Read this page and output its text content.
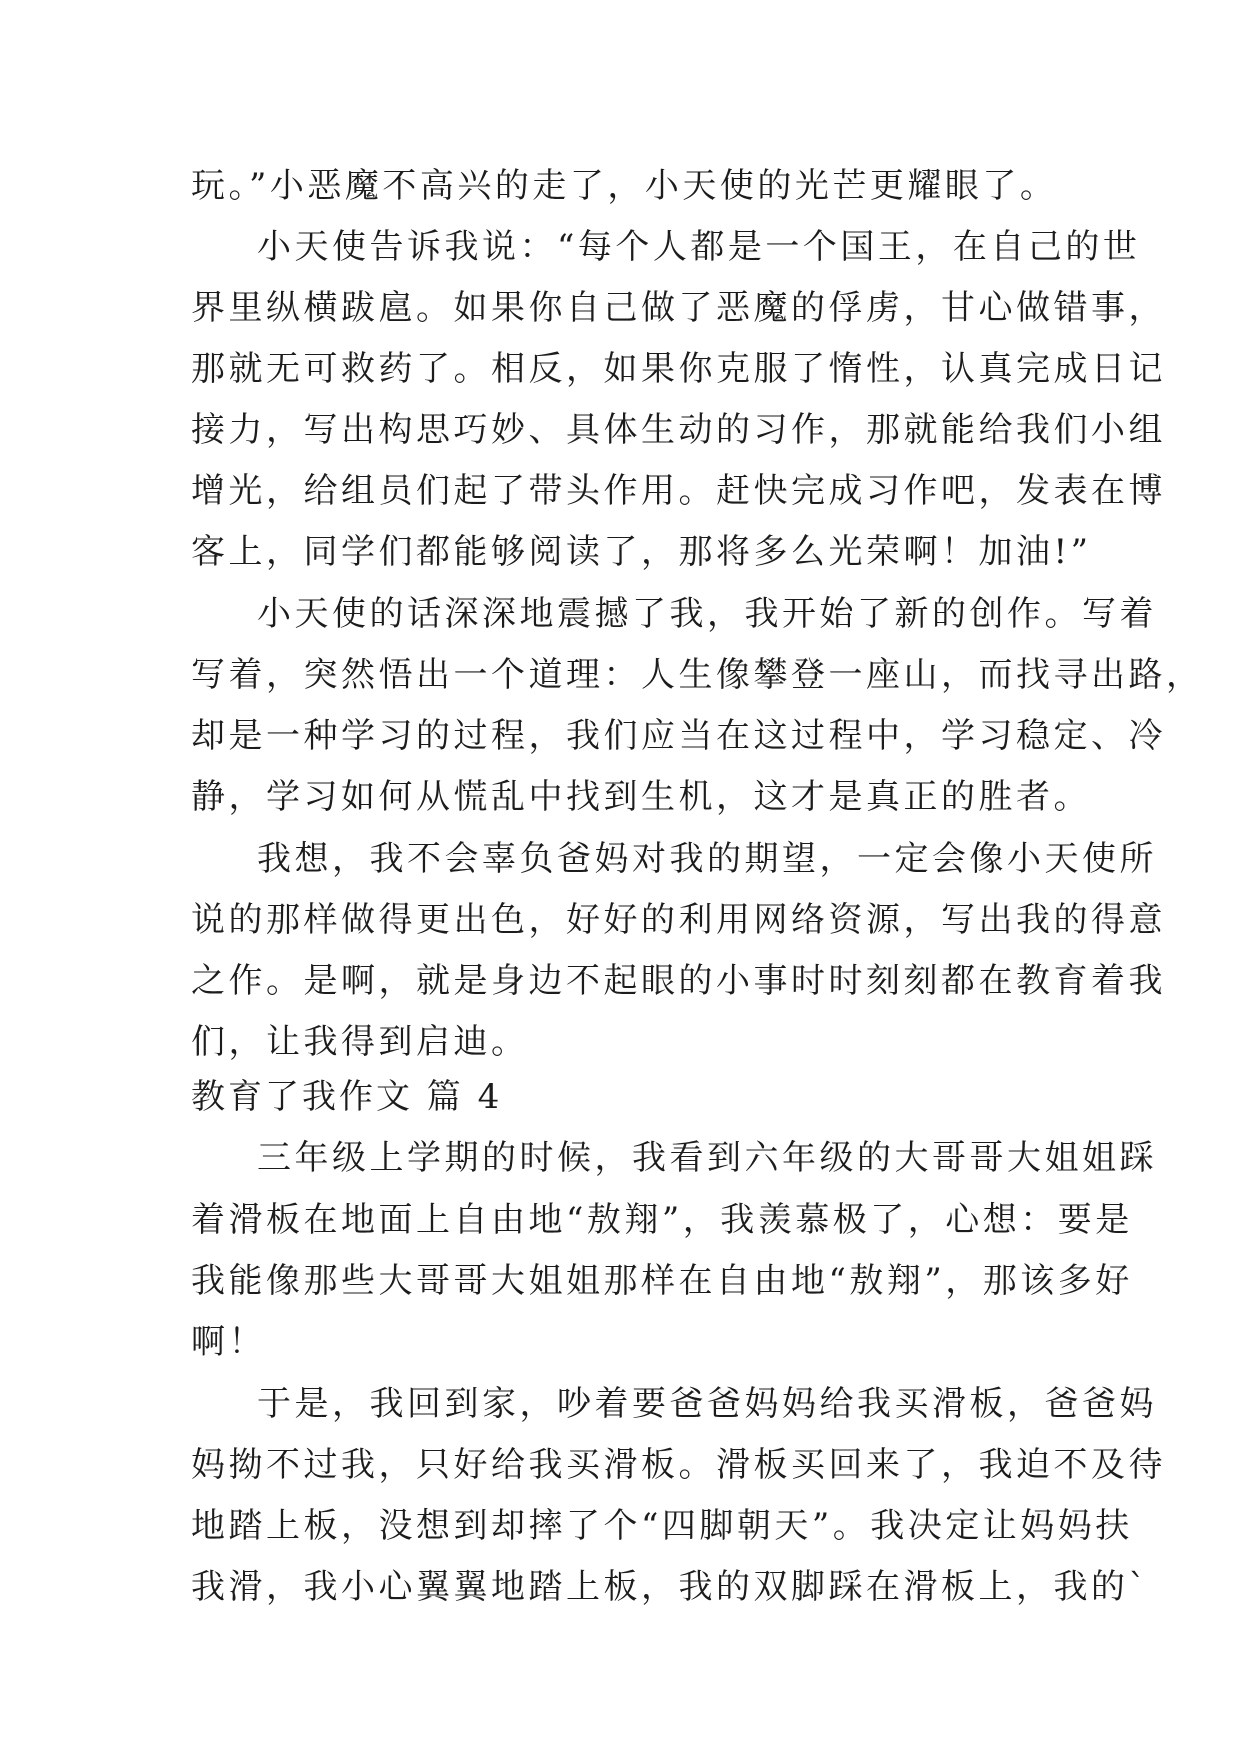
玩。”小恶魔不高兴的走了，小天使的光芒更耀眼了。
小天使告诉我说：“每个人都是一个国王，在自己的世
界里纵横跋扈。如果你自己做了恶魔的俘虏，甘心做错事，
那就无可救药了。相反，如果你克服了惰性，认真完成日记
接力，写出构思巧妙、具体生动的习作，那就能给我们小组
增光，给组员们起了带头作用。赶快完成习作吧，发表在博
客上，同学们都能够阅读了，那将多么光荣啊！加油!”
小天使的话深深地震撼了我，我开始了新的创作。写着
写着，突然悟出一个道理：人生像攀登一座山，而找寻出路，
却是一种学习的过程，我们应当在这过程中，学习稳定、冷
静，学习如何从慌乱中找到生机，这才是真正的胜者。
我想，我不会辜负爸妈对我的期望，一定会像小天使所
说的那样做得更出色，好好的利用网络资源，写出我的得意
之作。是啊，就是身边不起眼的小事时时刻刻都在教育着我
们，让我得到启迪。
教育了我作文 篇 4
三年级上学期的时候，我看到六年级的大哥哥大姐姐踩
着滑板在地面上自由地“敖翔”，我羡慕极了，心想：要是
我能像那些大哥哥大姐姐那样在自由地“敖翔”，那该多好
啊！
于是，我回到家，吵着要爸爸妈妈给我买滑板，爸爸妈
妈拗不过我，只好给我买滑板。滑板买回来了，我迫不及待
地踏上板，没想到却摔了个“四脚朝天”。我决定让妈妈扶
我滑，我小心翼翼地踏上板，我的双脚踩在滑板上，我的`
